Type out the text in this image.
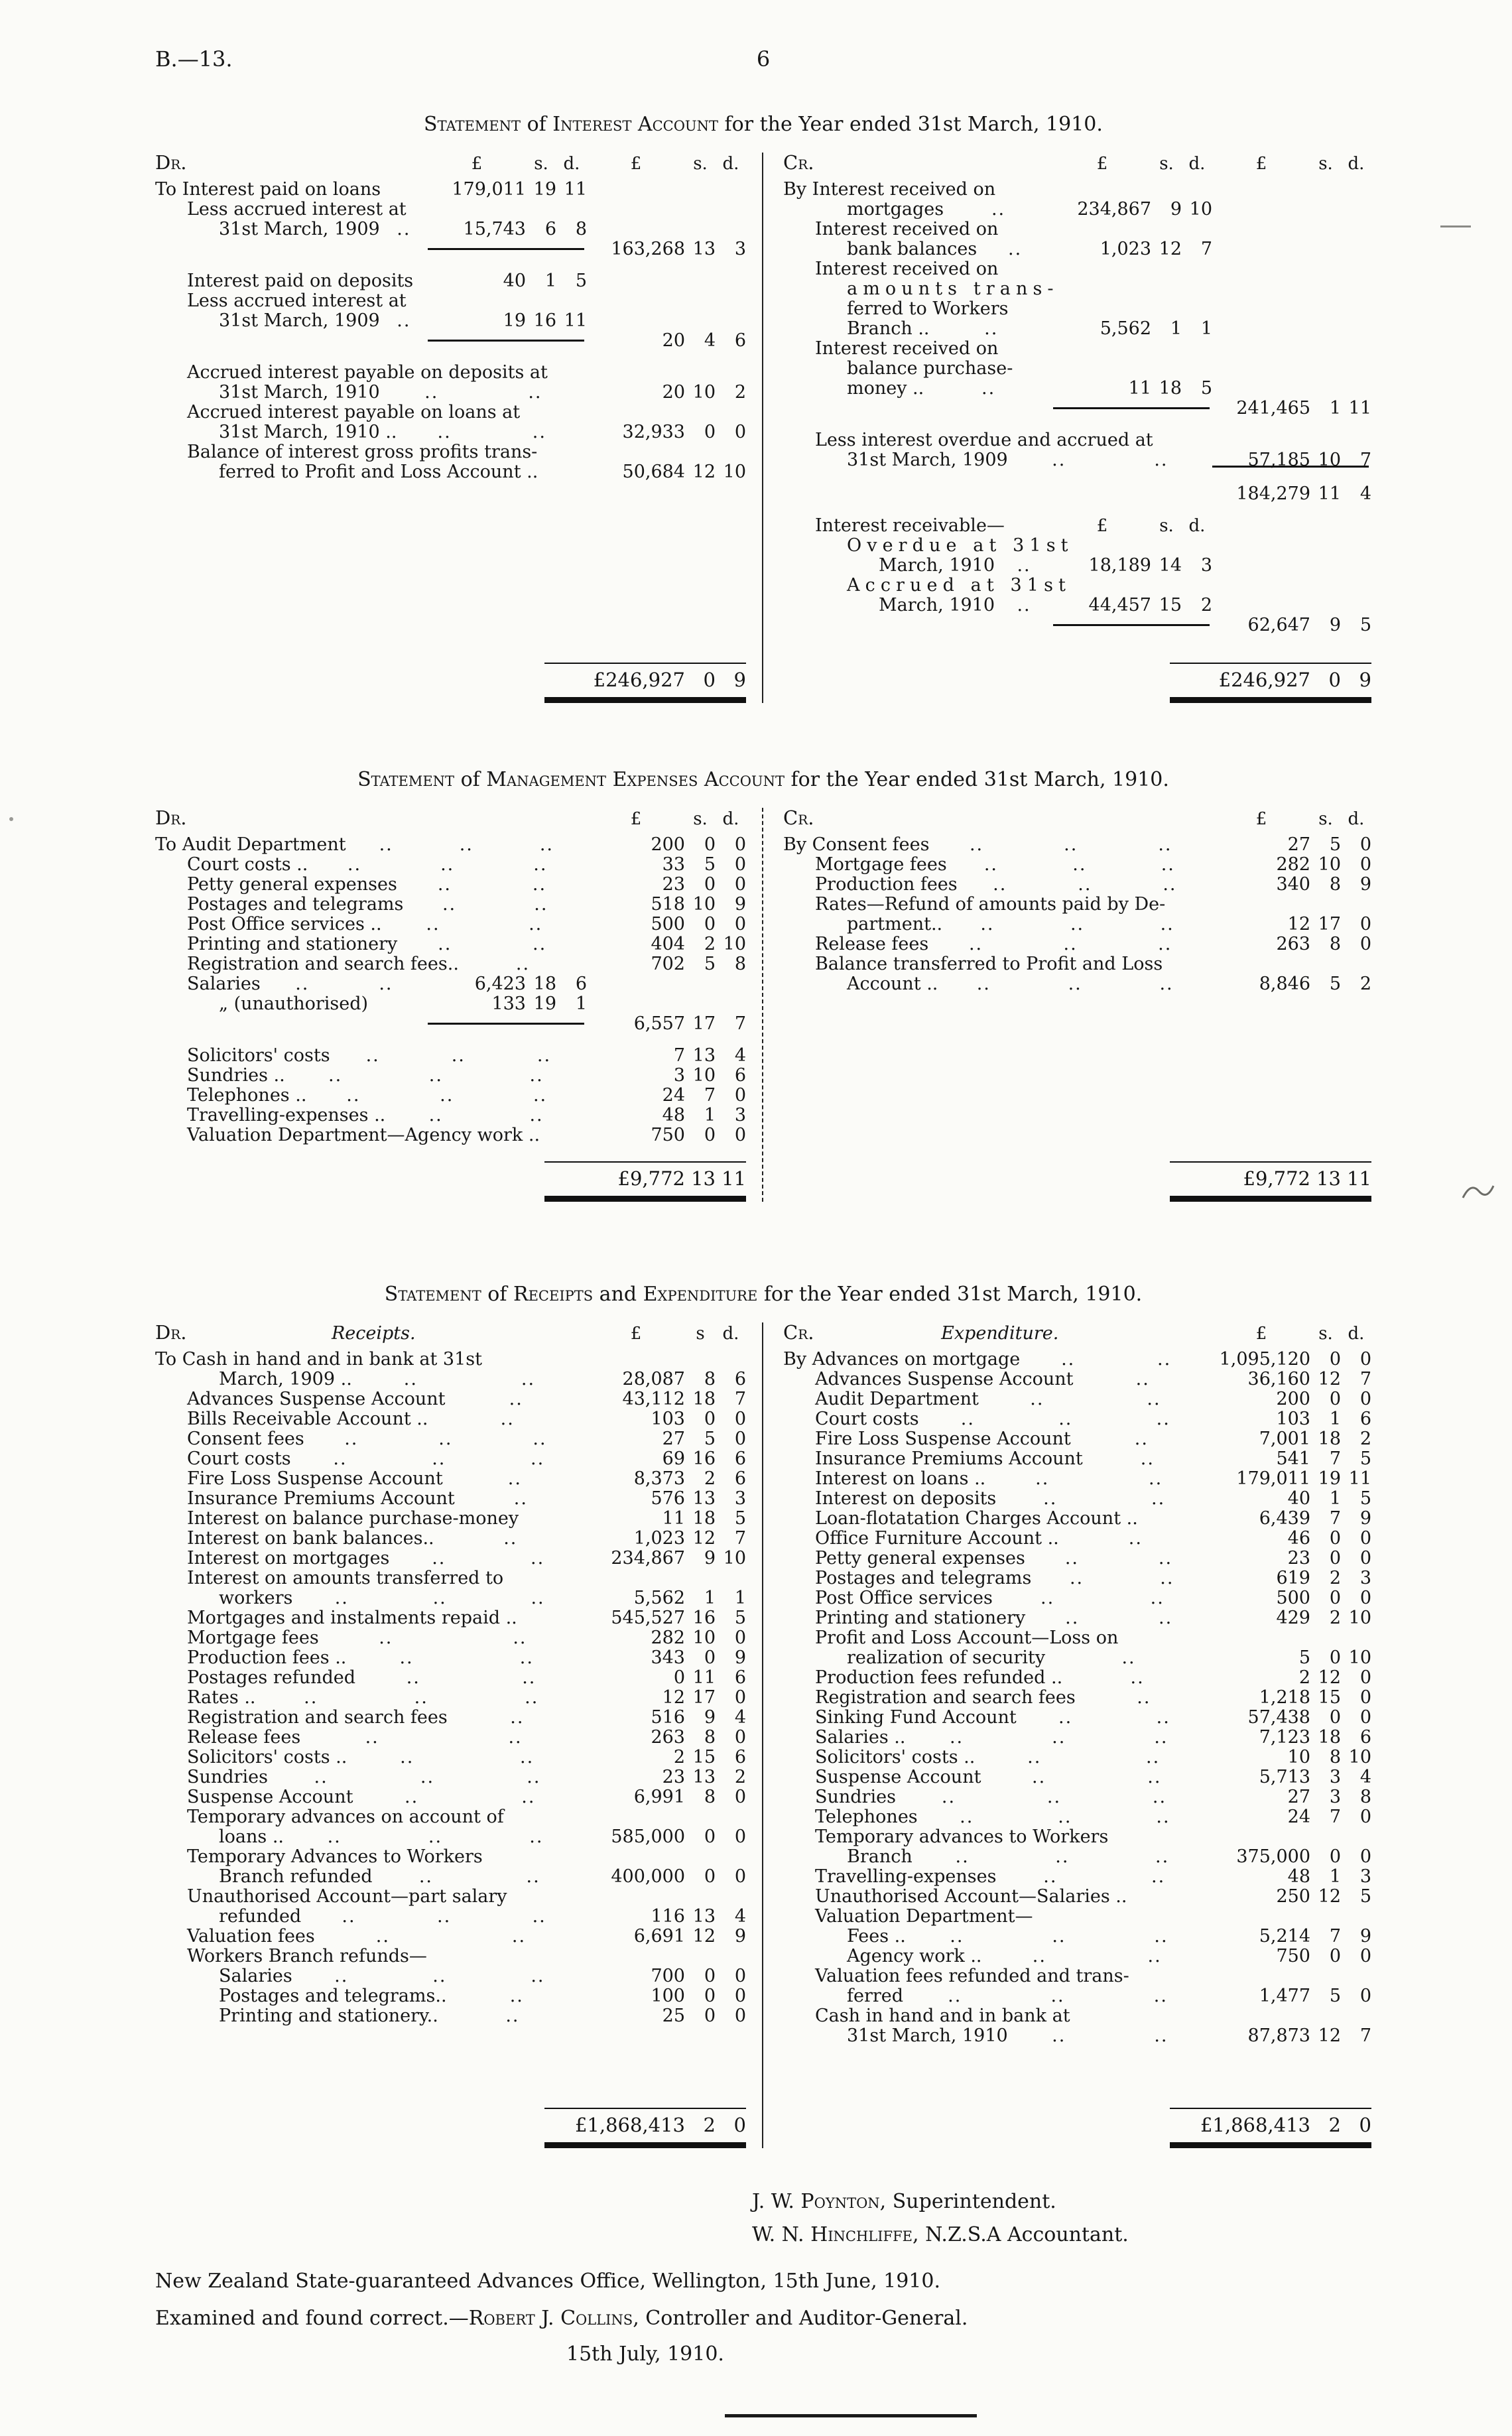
B.—13.	6
Statement of Interest Account for the Year ended 31st March, 1910.
Dr.	£	s. d.	£	s. d.
To Interest paid on loans	179,011 19 11
Less accrued interest at
31st March, 1909 ..	15,743	6	8
163,268 13	3
Interest paid on deposits	40	1	5
Less accrued interest at
31st March, 1909 ..	19 16 11
20	4	6
Accrued interest payable on deposits at
31st March, 1910	..	..	20 10	2
Accrued interest payable on loans at
31st March, 1910 ..	..	..	32,933	0	0
Balance of interest gross profits trans-
ferred to Profit and Loss Account ..	50,684 12 10
£246,927 0 9
Cr.	£	s. d.	£	s. d.
By Interest received on
mortgages	..	234,867	9 10
Interest received on
bank balances	..	1,023 12	7
Interest received on
amounts trans-
ferred to Workers
Branch ..	..	5,562	1	1
Interest received on
balance purchase-
money ..	..	11 18	5
241,465	1 11
Less interest overdue and accrued at
31st March, 1909	..	..	57,185 10	7
184,279 11	4
Interest receivable—	£	s. d.
Overdue at 31st
March, 1910	..	18,189 14	3
Accrued at 31st
March, 1910	..	44,457 15	2
62,647	9	5
£246,927 0 9
Statement of Management Expenses Account for the Year ended 31st March, 1910.
Dr.	£	s. d.
To Audit Department	..	..	..	200	0	0
Court costs ..	..	..	..	33	5	0
Petty general expenses	..	..	23	0	0
Postages and telegrams	..	..	518 10	9
Post Office services ..	..	..	500	0	0
Printing and stationery	..	..	404	2 10
Registration and search fees..	..	702	5	8
Salaries	..	..	6,423 18	6
„ (unauthorised)	133 19	1
6,557 17	7
Solicitors' costs	..	..	..	7 13	4
Sundries ..	..	..	..	3 10	6
Telephones ..	..	..	..	24	7	0
Travelling-expenses ..	..	..	48	1	3
Valuation Department—Agency work ..	750	0	0
£9,772 13 11
Cr.	£	s. d.
By Consent fees	..	..	..	27	5	0
Mortgage fees	..	..	..	282 10	0
Production fees	..	..	..	340	8	9
Rates—Refund of amounts paid by De-
partment..	..	..	..	12 17	0
Release fees	..	..	..	263	8	0
Balance transferred to Profit and Loss
Account ..	..	..	..	8,846	5	2
£9,772 13 11
Statement of Receipts and Expenditure for the Year ended 31st March, 1910.
Dr.	Receipts.	£	s	d.
To Cash in hand and in bank at 31st
March, 1909 ..	..	..	28,087	8	6
Advances Suspense Account	..	43,112 18	7
Bills Receivable Account ..	..	103	0	0
Consent fees	..	..	..	27	5	0
Court costs	..	..	..	69 16	6
Fire Loss Suspense Account	..	8,373	2	6
Insurance Premiums Account	..	576 13	3
Interest on balance purchase-money	11 18	5
Interest on bank balances..	..	1,023 12	7
Interest on mortgages	..	..	234,867	9 10
Interest on amounts transferred to
workers	..	..	..	5,562	1	1
Mortgages and instalments repaid ..	545,527 16	5
Mortgage fees	..	..	282 10	0
Production fees ..	..	..	343	0	9
Postages refunded	..	..	0 11	6
Rates ..	..	..	..	12 17	0
Registration and search fees	..	516	9	4
Release fees	..	..	263	8	0
Solicitors' costs ..	..	..	2 15	6
Sundries	..	..	..	23 13	2
Suspense Account	..	..	6,991	8	0
Temporary advances on account of
loans ..	..	..	..	585,000	0	0
Temporary Advances to Workers
Branch refunded	..	..	400,000	0	0
Unauthorised Account—part salary
refunded	..	..	..	116 13	4
Valuation fees	..	..	6,691 12	9
Workers Branch refunds—
Salaries	..	..	..	700	0	0
Postages and telegrams..	..	100	0	0
Printing and stationery..	..	25	0	0
£1,868,413 2 0
Cr.	Expenditure.	£	s. d.
By Advances on mortgage	..	..	1,095,120	0	0
Advances Suspense Account	..	36,160 12	7
Audit Department	..	..	200	0	0
Court costs	..	..	..	103	1	6
Fire Loss Suspense Account	..	7,001 18	2
Insurance Premiums Account	..	541	7	5
Interest on loans ..	..	..	179,011 19 11
Interest on deposits	..	..	40	1	5
Loan-flotatation Charges Account ..	6,439	7	9
Office Furniture Account ..	..	46	0	0
Petty general expenses	..	..	23	0	0
Postages and telegrams	..	..	619	2	3
Post Office services	..	..	500	0	0
Printing and stationery	..	..	429	2 10
Profit and Loss Account—Loss on
realization of security	..	5	0 10
Production fees refunded ..	..	2 12	0
Registration and search fees	..	1,218 15	0
Sinking Fund Account	..	..	57,438	0	0
Salaries ..	..	..	..	7,123 18	6
Solicitors' costs ..	..	..	10	8 10
Suspense Account	..	..	5,713	3	4
Sundries	..	..	..	27	3	8
Telephones	..	..	..	24	7	0
Temporary advances to Workers
Branch	..	..	..	375,000	0	0
Travelling-expenses	..	..	48	1	3
Unauthorised Account—Salaries ..	250 12	5
Valuation Department—
Fees ..	..	..	..	5,214	7	9
Agency work ..	..	..	750	0	0
Valuation fees refunded and trans-
ferred	..	..	..	1,477	5	0
Cash in hand and in bank at
31st March, 1910	..	..	87,873 12	7
£1,868,413 2 0
J. W. Poynton, Superintendent.
W. N. Hinchliffe, N.Z.S.A Accountant.
New Zealand State-guaranteed Advances Office, Wellington, 15th June, 1910.
Examined and found correct.—Robert J. Collins, Controller and Auditor-General.
15th July, 1910.
